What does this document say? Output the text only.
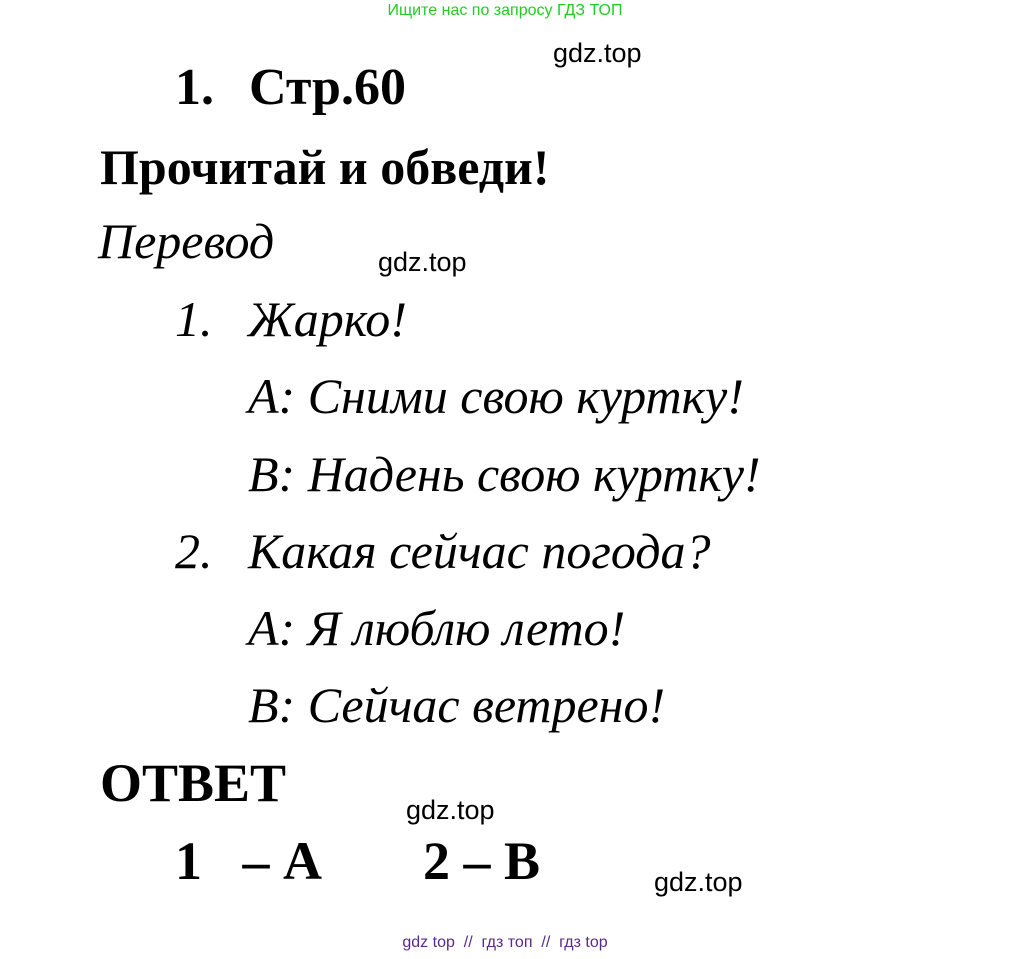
Ищите нас по запросу ГДЗ ТОП
1. Стр.60
gdz.top
Прочитай и обведи!
Перевод	gdz.top
1. Жарко!
А: Сними свою куртку!
В: Надень свою куртку!
2. Какая сейчас погода?
А: Я люблю лето!
В: Сейчас ветрено!
ОТВЕТ	gdz.top
1   – А 2 – В	gdz.top
gdz top  //  гдз топ  //  гдз top
